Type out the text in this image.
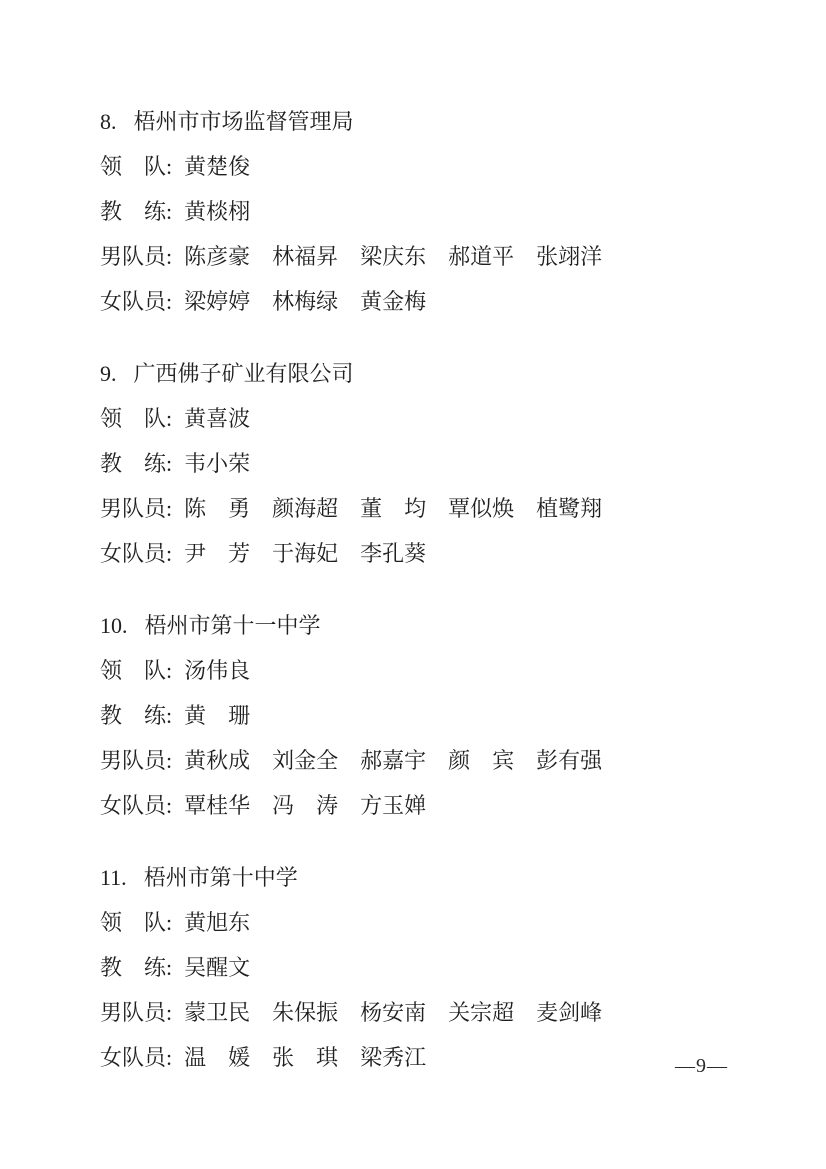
8. 梧州市市场监督管理局
领　队: 黄楚俊
教　练: 黄棪栩
男队员: 陈彦豪　林福昇　梁庆东　郝道平　张翊洋
女队员: 梁婷婷　林梅绿　黄金梅
9. 广西佛子矿业有限公司
领　队: 黄喜波
教　练: 韦小荣
男队员: 陈　勇　颜海超　董　均　覃似焕　植鹭翔
女队员: 尹　芳　于海妃　李孔葵
10. 梧州市第十一中学
领　队: 汤伟良
教　练: 黄　珊
男队员: 黄秋成　刘金全　郝嘉宇　颜　宾　彭有强
女队员: 覃桂华　冯　涛　方玉婵
11. 梧州市第十中学
领　队: 黄旭东
教　练: 吴醒文
男队员: 蒙卫民　朱保振　杨安南　关宗超　麦剑峰
女队员: 温　媛　张　琪　梁秀江	—9—
